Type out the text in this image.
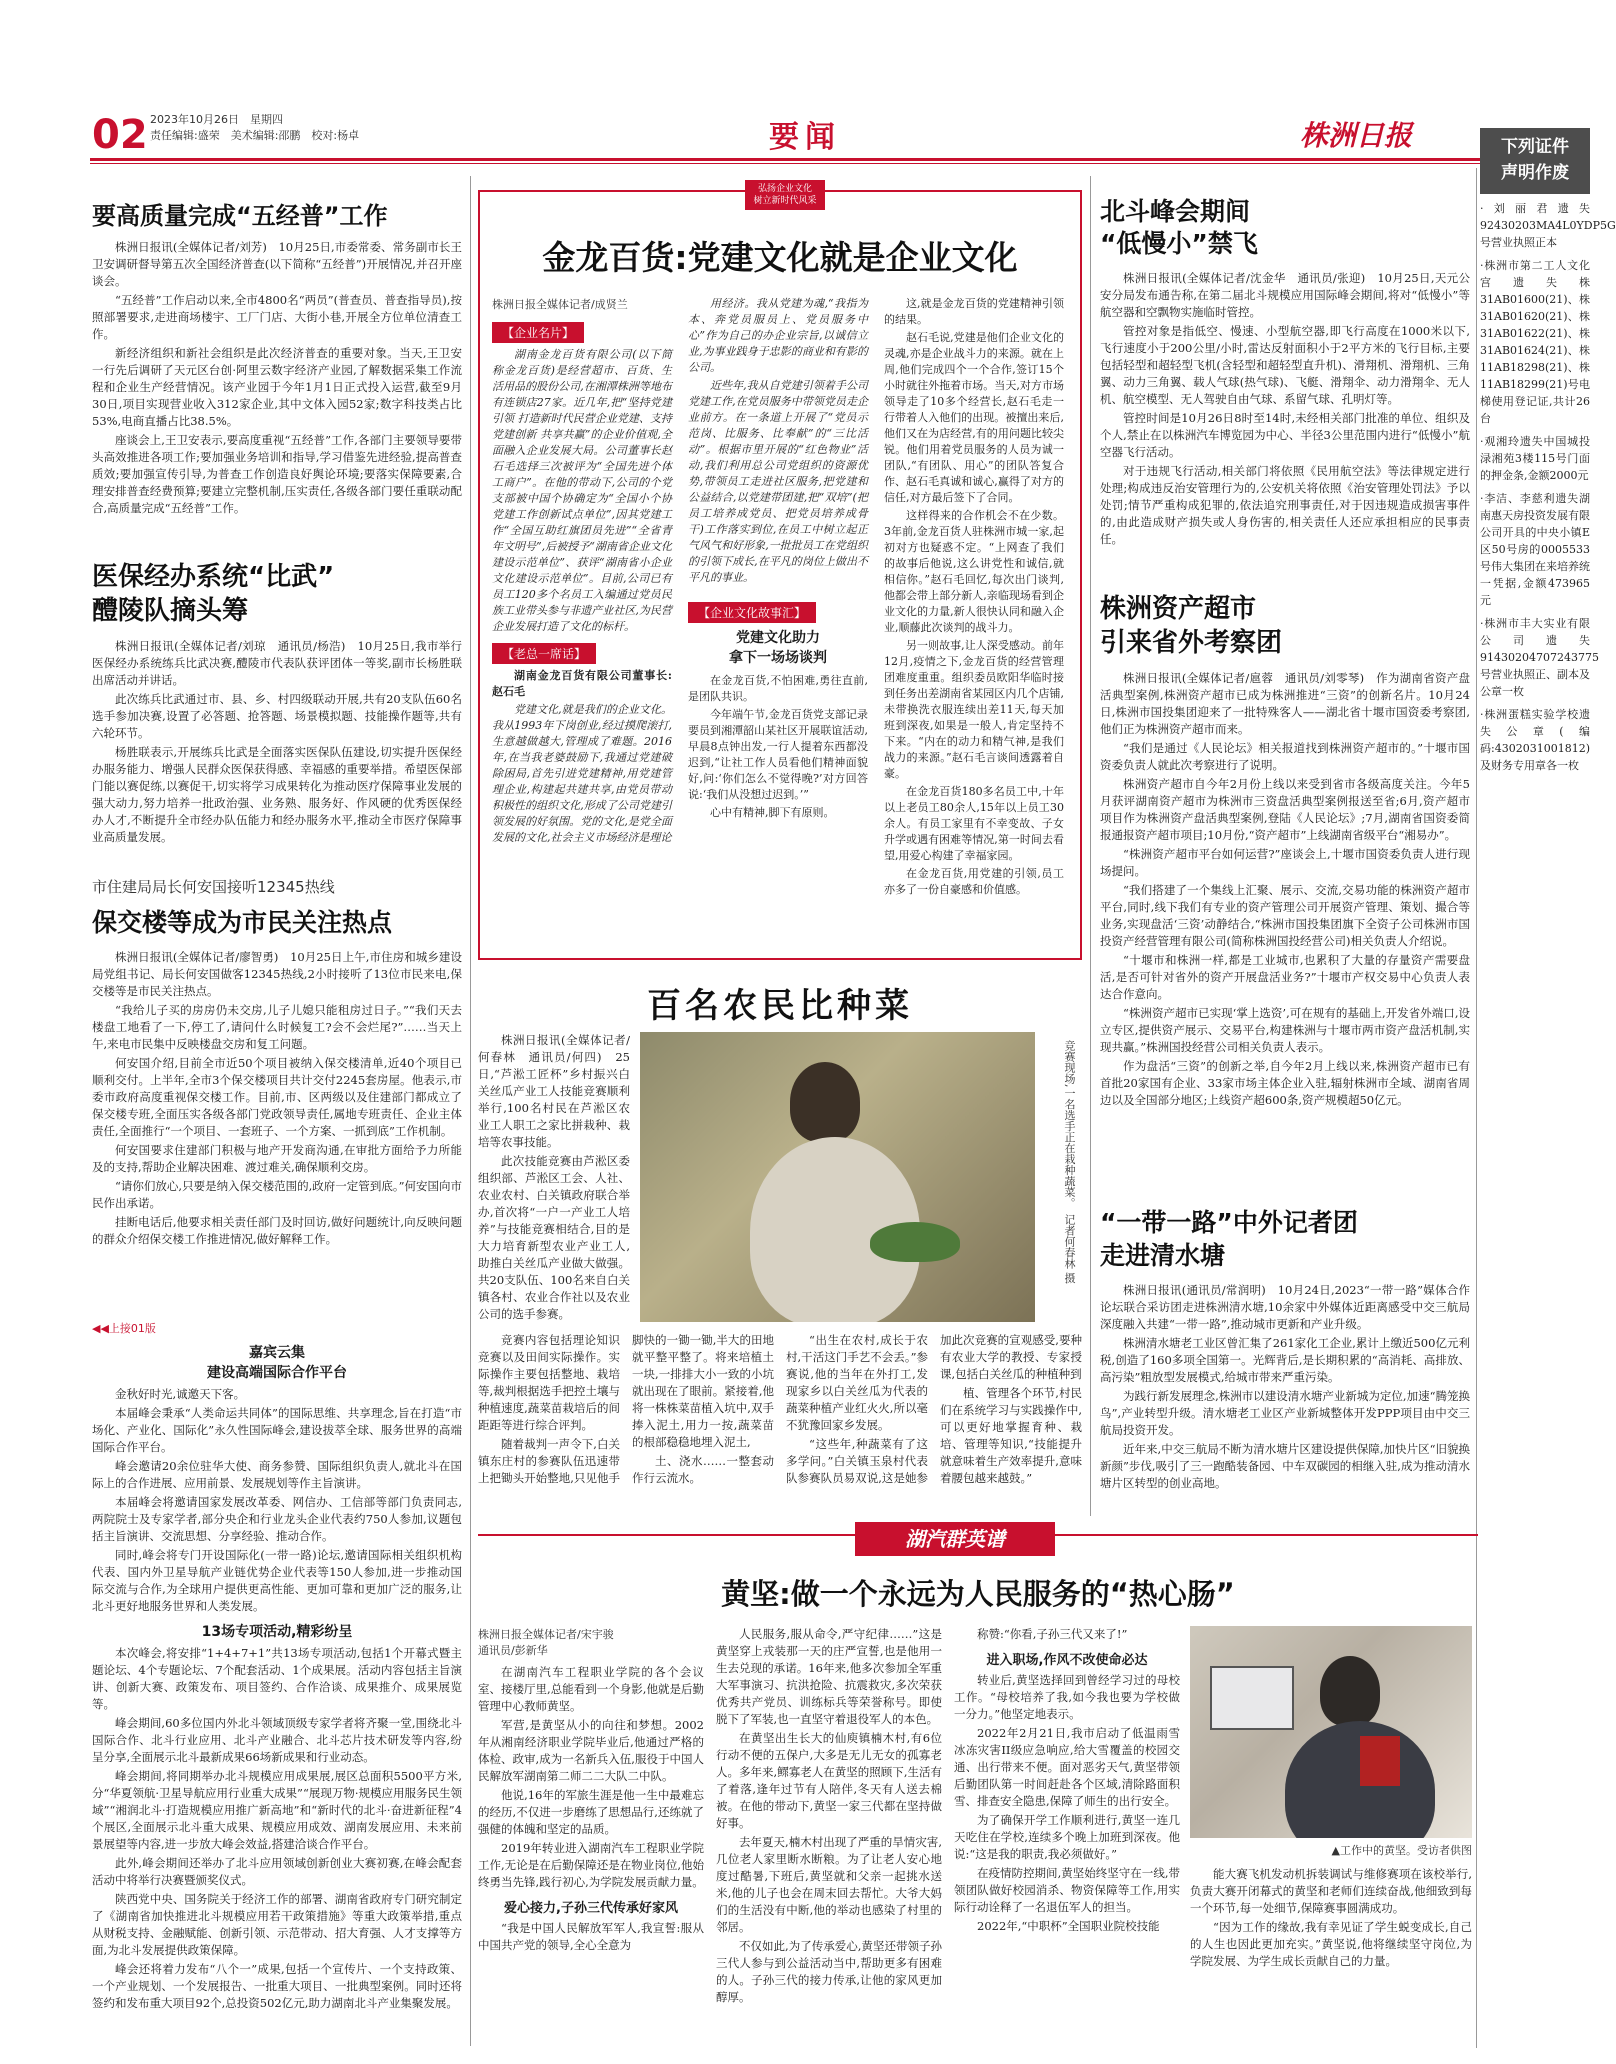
02 2023年10月26日　星期四
责任编辑:盛荣　美术编辑:邵鹏　校对:杨卓	要闻	株洲日报	下列证件
声明作废

·刘丽君遗失92430203MA4L0YDP5G号营业执照正本

·株洲市第二工人文化宫遗失株31AB01600(21)、株31AB01620(21)、株31AB01622(21)、株31AB01624(21)、株11AB18298(21)、株11AB18299(21)号电梯使用登记证,共计26台

·观湘玲遗失中国城投渌湘苑3楼115号门面的押金条,金额2000元

·李洁、李慈利遗失湖南惠天房投资发展有限公司开具的中央小镇E区50号房的0005533号伟大集团在来培养统一凭据,金额473965元

·株洲市丰大实业有限公司遗失91430204707243775号营业执照正、副本及公章一枚

·株洲蛋糕实验学校遗失公章(编码:4302031001812)及财务专用章各一枚

要高质量完成“五经普”工作

株洲日报讯(全媒体记者/刘芳)　10月25日,市委常委、常务副市长王卫安调研督导第五次全国经济普查(以下简称“五经普”)开展情况,并召开座谈会。

“五经普”工作启动以来,全市4800名“两员”(普查员、普查指导员),按照部署要求,走进商场楼宇、工厂门店、大街小巷,开展全方位单位清查工作。

新经济组织和新社会组织是此次经济普查的重要对象。当天,王卫安一行先后调研了天元区台创·阿里云数字经济产业园,了解数据采集工作流程和企业生产经营情况。该产业园于今年1月1日正式投入运营,截至9月30日,项目实现营业收入312家企业,其中文体入园52家;数字科技类占比53%,电商直播占比38.5%。

座谈会上,王卫安表示,要高度重视“五经普”工作,各部门主要领导要带头高效推进各项工作;要加强业务培训和指导,学习借鉴先进经验,提高普查质效;要加强宣传引导,为普查工作创造良好舆论环境;要落实保障要素,合理安排普查经费预算;要建立完整机制,压实责任,各级各部门要任重联动配合,高质量完成“五经普”工作。

医保经办系统“比武”
醴陵队摘头筹

株洲日报讯(全媒体记者/刘琼　通讯员/杨浩)　10月25日,我市举行医保经办系统练兵比武决赛,醴陵市代表队获评团体一等奖,副市长杨胜联出席活动并讲话。

此次练兵比武通过市、县、乡、村四级联动开展,共有20支队伍60名选手参加决赛,设置了必答题、抢答题、场景模拟题、技能操作题等,共有六轮环节。

杨胜联表示,开展练兵比武是全面落实医保队伍建设,切实提升医保经办服务能力、增强人民群众医保获得感、幸福感的重要举措。希望医保部门能以赛促练,以赛促干,切实将学习成果转化为推动医疗保障事业发展的强大动力,努力培养一批政治强、业务熟、服务好、作风硬的优秀医保经办人才,不断提升全市经办队伍能力和经办服务水平,推动全市医疗保障事业高质量发展。

市住建局局长何安国接听12345热线
保交楼等成为市民关注热点

株洲日报讯(全媒体记者/廖智勇)　10月25日上午,市住房和城乡建设局党组书记、局长何安国做客12345热线,2小时接听了13位市民来电,保交楼等是市民关注热点。

“我给儿子买的房房仍未交房,儿子儿媳只能租房过日子。”“我们天去楼盘工地看了一下,停工了,请问什么时候复工?会不会烂尾?”……当天上午,来电市民集中反映楼盘交房和复工问题。

何安国介绍,目前全市近50个项目被纳入保交楼清单,近40个项目已顺利交付。上半年,全市3个保交楼项目共计交付2245套房屋。他表示,市委市政府高度重视保交楼工作。目前,市、区两级以及住建部门都成立了保交楼专班,全面压实各级各部门党政领导责任,属地专班责任、企业主体责任,全面推行“一个项目、一套班子、一个方案、一抓到底”工作机制。

何安国要求住建部门积极与地产开发商沟通,在审批方面给予力所能及的支持,帮助企业解决困难、渡过难关,确保顺利交房。

“请你们放心,只要是纳入保交楼范围的,政府一定管到底。”何安国向市民作出承诺。

挂断电话后,他要求相关责任部门及时回访,做好问题统计,向反映问题的群众介绍保交楼工作推进情况,做好解释工作。

◀◀上接01版
嘉宾云集
建设高端国际合作平台

金秋好时光,诚邀天下客。

本届峰会秉承“人类命运共同体”的国际思维、共享理念,旨在打造“市场化、产业化、国际化”永久性国际峰会,建设拔萃全球、服务世界的高端国际合作平台。

峰会邀请20余位驻华大使、商务参赞、国际组织负责人,就北斗在国际上的合作进展、应用前景、发展规划等作主旨演讲。

本届峰会将邀请国家发展改革委、网信办、工信部等部门负责同志,两院院士及专家学者,部分央企和行业龙头企业代表约750人参加,议题包括主旨演讲、交流思想、分享经验、推动合作。

同时,峰会将专门开设国际化(一带一路)论坛,邀请国际相关组织机构代表、国内外卫星导航产业链优势企业代表等150人参加,进一步推动国际交流与合作,为全球用户提供更高性能、更加可靠和更加广泛的服务,让北斗更好地服务世界和人类发展。

13场专项活动,精彩纷呈

本次峰会,将安排“1+4+7+1”共13场专项活动,包括1个开幕式暨主题论坛、4个专题论坛、7个配套活动、1个成果展。活动内容包括主旨演讲、创新大赛、政策发布、项目签约、合作洽谈、成果推介、成果展览等。

峰会期间,60多位国内外北斗领域顶级专家学者将齐聚一堂,围绕北斗国际合作、北斗行业应用、北斗产业融合、北斗芯片技术研发等内容,纷呈分享,全面展示北斗最新成果66场新成果和行业动态。

峰会期间,将同期举办北斗规模应用成果展,展区总面积5500平方米,分“华夏领航·卫星导航应用行业重大成果”“展现万物·规模应用服务民生领域”“湘润北斗·打造规模应用推广新高地”和“新时代的北斗·奋进新征程”4个展区,全面展示北斗重大成果、规模应用成效、湖南发展应用、未来前景展望等内容,进一步放大峰会效益,搭建洽谈合作平台。

此外,峰会期间还举办了北斗应用领域创新创业大赛初赛,在峰会配套活动中将举行决赛暨颁奖仪式。

陕西党中央、国务院关于经济工作的部署、湖南省政府专门研究制定了《湖南省加快推进北斗规模应用若干政策措施》等重大政策举措,重点从财税支持、金融赋能、创新引领、示范带动、招大育强、人才支撑等方面,为北斗发展提供政策保障。

峰会还将着力发布“八个一”成果,包括一个宣传片、一个支持政策、一个产业规划、一个发展报告、一批重大项目、一批典型案例。同时还将签约和发布重大项目92个,总投资502亿元,助力湖南北斗产业集聚发展。

弘扬企业文化
树立新时代风采
金龙百货:党建文化就是企业文化
株洲日报全媒体记者/成贤兰
【企业名片】

湖南金龙百货有限公司(以下简称金龙百货)是经营超市、百货、生活用品的股份公司,在湘潭株洲等地布有连锁店27家。近几年,把“坚持党建引领 打造新时代民营企业党建、支持党建创新 共享共赢”的企业价值观,全面融入企业发展大局。公司董事长赵石毛选择三次被评为“全国先进个体工商户”。在他的带动下,公司的个党支部被中国个协确定为“全国小个协党建工作创新试点单位”,因其党建工作“全国互助红旗团员先进”“全省青年文明号”,后被授予“湖南省企业文化建设示范单位”、获评“湖南省小企业文化建设示范单位”。目前,公司已有员工120多个名员工入编通过党员民族工业带头参与非遗产业社区,为民营企业发展打造了文化的标杆。

【老总一席话】

湖南金龙百货有限公司董事长:赵石毛

党建文化,就是我们的企业文化。我从1993年下岗创业,经过摸爬滚打,生意越做越大,管理成了难题。2016年,在当我老婆鼓励下,我通过党建破除困局,首先引进党建精神,用党建管理企业,构建起共建共享,由党员带动积极性的组织文化,形成了公司党建引领发展的好氛围。党的文化,是党全面发展的文化,社会主义市场经济是理论

用经济。我从党建为魂,“我指为本、奔党员服员上、党员服务中心”作为自己的办企业宗旨,以诚信立业,为事业践身于忠影的商业和有影的公司。

近些年,我从自党建引领着手公司党建工作,在党员服务中带领党员走企业前方。在一条道上开展了“党员示范岗、比服务、比奉献”的“三比活动”。根据市里开展的“红色物业”活动,我们利用总公司党组织的资源优势,带领员工走进社区服务,把党建和公益结合,以党建带团建,把“双培”(把员工培养成党员、把党员培养成骨干)工作落实到位,在员工中树立起正气风气和好形象,一批批员工在党组织的引领下成长,在平凡的岗位上做出不平凡的事业。

【企业文化故事汇】
党建文化助力
拿下一场场谈判

在金龙百货,不怕困难,勇往直前,是团队共识。

今年端午节,金龙百货党支部记录要员到湘潭韶山某社区开展联谊活动,早晨8点钟出发,一行人提着东西都没迟到,“让社工作人员看他们精神面貌好,问:‘你们怎么不觉得晚?’对方回答说:‘我们从没想过迟到。’”

心中有精神,脚下有原则。

这,就是金龙百货的党建精神引领的结果。

赵石毛说,党建是他们企业文化的灵魂,亦是企业战斗力的来源。就在上周,他们完成四个一个合作,签订15个小时就往外拖着市场。当天,对方市场领导走了10多个经营长,赵石毛走一行带着人入他们的出现。被擅出来后,他们又在为店经营,有的用问题比较尖锐。他们用着党员服务的人员为诚一团队,“有团队、用心”的团队答复合作、赵石毛真诚和诚心,赢得了对方的信任,对方最后签下了合同。

这样得来的合作机会不在少数。3年前,金龙百货人驻株洲市城一家,起初对方也疑惑不定。“上网查了我们的故事后他说,这么讲党性和诚信,就相信你。”赵石毛回忆,每次出门谈判,他都会带上部分新人,亲临现场看到企业文化的力量,新人很快认同和融入企业,顺藤此次谈判的战斗力。

另一则故事,让人深受感动。前年12月,疫情之下,金龙百货的经营管理团难度重重。组织委员欧阳华临时接到任务出差湖南省某园区内几个店铺,未带换洗衣服连续出差11天,每天加班到深夜,如果是一般人,肯定坚持不下来。“内在的动力和精气神,是我们战力的来源。”赵石毛言谈间透露着自豪。

在金龙百货180多名员工中,十年以上老员工80余人,15年以上员工30余人。有员工家里有不幸变故、子女升学或遇有困难等情况,第一时间去看望,用爱心构建了幸福家园。

在金龙百货,用党建的引领,员工亦多了一份自豪感和价值感。

百名农民比种菜
竞赛现场,一名选手正在栽种蔬菜。　记者何春林 摄

株洲日报讯(全媒体记者/何春林　通讯员/何四)　25日,“芦淞工匠杯”乡村振兴白关丝瓜产业工人技能竞赛顺利举行,100名村民在芦淞区农业工人职工之家比拼栽种、栽培等农事技能。

此次技能竞赛由芦淞区委组织部、芦淞区工会、人社、农业农村、白关镇政府联合举办,首次将“一户一产业工人培养”与技能竞赛相结合,目的是大力培育新型农业产业工人,助推白关丝瓜产业做大做强。共20支队伍、100名来自白关镇各村、农业合作社以及农业公司的选手参赛。

竞赛内容包括理论知识竞赛以及田间实际操作。实际操作主要包括整地、栽培等,裁判根据选手把控土壤与种植速度,蔬菜苗栽培后的间距距等进行综合评判。

随着裁判一声令下,白关镇东庄村的参赛队伍迅速带上把锄头开始整地,只见他手脚快的一锄一锄,半大的田地就平整平整了。将来培植土一块,一排排大小一致的小坑就出现在了眼前。紧接着,他将一株株菜苗植入坑中,双手捧入泥土,用力一按,蔬菜苗的根部稳稳地埋入泥土,

土、浇水……一整套动作行云流水。

“出生在农村,成长于农村,干活这门手艺不会丢。”参赛说,他的当年在外打工,发现家乡以白关丝瓜为代表的蔬菜种植产业红火火,所以毫不犹豫回家乡发展。

“这些年,种蔬菜有了这多学问。”白关镇玉泉村代表队参赛队员易双说,这是她参加此次竞赛的宣观感受,要种有农业大学的教授、专家授课,包括白关丝瓜的种植种到

植、管理各个环节,村民们在系统学习与实践操作中,可以更好地掌握育种、栽培、管理等知识,“技能提升就意味着生产效率提升,意味着腰包越来越鼓。”

北斗峰会期间
“低慢小”禁飞

株洲日报讯(全媒体记者/沈金华　通讯员/张迎)　10月25日,天元公安分局发布通告称,在第二届北斗规模应用国际峰会期间,将对“低慢小”等航空器和空飘物实施临时管控。

管控对象是指低空、慢速、小型航空器,即飞行高度在1000米以下,飞行速度小于200公里/小时,雷达反射面积小于2平方米的飞行目标,主要包括轻型和超轻型飞机(含轻型和超轻型直升机)、滑翔机、滑翔机、三角翼、动力三角翼、载人气球(热气球)、飞艇、滑翔伞、动力滑翔伞、无人机、航空模型、无人驾驶自由气球、系留气球、孔明灯等。

管控时间是10月26日8时至14时,未经相关部门批准的单位、组织及个人,禁止在以株洲汽车博览园为中心、半径3公里范围内进行“低慢小”航空器飞行活动。

对于违规飞行活动,相关部门将依照《民用航空法》等法律规定进行处理;构成违反治安管理行为的,公安机关将依照《治安管理处罚法》予以处罚;情节严重构成犯罪的,依法追究刑事责任,对于因违规造成损害事件的,由此造成财产损失或人身伤害的,相关责任人还应承担相应的民事责任。

株洲资产超市
引来省外考察团

株洲日报讯(全媒体记者/扈蓉　通讯员/刘零琴)　作为湖南省资产盘活典型案例,株洲资产超市已成为株洲推进“三资”的创新名片。10月24日,株洲市国投集团迎来了一批特殊客人——湖北省十堰市国资委考察团,他们正为株洲资产超市而来。

“我们是通过《人民论坛》相关报道找到株洲资产超市的。”十堰市国资委负责人就此次考察进行了说明。

株洲资产超市自今年2月份上线以来受到省市各级高度关注。今年5月获评湖南资产超市为株洲市三资盘活典型案例报送至省;6月,资产超市项目作为株洲资产盘活典型案例,登陆《人民论坛》;7月,湖南省国资委简报通报资产超市项目;10月份,“资产超市”上线湖南省级平台“湘易办”。

“株洲资产超市平台如何运营?”座谈会上,十堰市国资委负责人进行现场提问。

“我们搭建了一个集线上汇聚、展示、交流,交易功能的株洲资产超市平台,同时,线下我们有专业的资产管理公司开展资产管理、策划、撮合等业务,实现盘活‘三资’动静结合,“株洲市国投集团旗下全资子公司株洲市国投资产经营管理有限公司(简称株洲国投经营公司)相关负责人介绍说。

“十堰市和株洲一样,都是工业城市,也累积了大量的存量资产需要盘活,是否可针对省外的资产开展盘活业务?”十堰市产权交易中心负责人表达合作意向。

“株洲资产超市已实现‘掌上选资’,可在规有的基础上,开发省外端口,设立专区,提供资产展示、交易平台,构建株洲与十堰市两市资产盘活机制,实现共赢。”株洲国投经营公司相关负责人表示。

作为盘活“三资”的创新之举,自今年2月上线以来,株洲资产超市已有首批20家国有企业、33家市场主体企业入驻,辐射株洲市全域、湖南省周边以及全国部分地区;上线资产超600条,资产规模超50亿元。

“一带一路”中外记者团
走进清水塘

株洲日报讯(通讯员/常润明)　10月24日,2023“一带一路”媒体合作论坛联合采访团走进株洲清水塘,10余家中外媒体近距离感受中交三航局深度融入共建“一带一路”,推动城市更新和产业升级。

株洲清水塘老工业区曾汇集了261家化工企业,累计上缴近500亿元利税,创造了160多项全国第一。光辉背后,是长期积累的“高消耗、高排放、高污染”粗放型发展模式,给城市带来严重污染。

为践行新发展理念,株洲市以建设清水塘产业新城为定位,加速“腾笼换鸟”,产业转型升级。清水塘老工业区产业新城整体开发PPP项目由中交三航局投资开发。

近年来,中交三航局不断为清水塘片区建设提供保障,加快片区“旧貌换新颜”步伐,吸引了三一跑酷装备园、中车双碳园的相继入驻,成为推动清水塘片区转型的创业高地。

湖汽群英谱
黄坚:做一个永远为人民服务的“热心肠”
株洲日报全媒体记者/宋宇骏
通讯员/彭新华

在湖南汽车工程职业学院的各个会议室、接楼厅里,总能看到一个身影,他就是后勤管理中心教师黄坚。

军营,是黄坚从小的向往和梦想。2002年从湘南经济职业学院毕业后,他通过严格的体检、政审,成为一名新兵入伍,服役于中国人民解放军湖南第二师二二大队二中队。

他说,16年的军旅生涯是他一生中最难忘的经历,不仅进一步磨练了思想品行,还练就了强健的体魄和坚定的品质。

2019年转业进入湖南汽车工程职业学院工作,无论是在后勤保障还是在物业岗位,他始终勇当先锋,践行初心,为学院发展贡献力量。

爱心接力,子孙三代传承好家风

“我是中国人民解放军军人,我宣誓:服从中国共产党的领导,全心全意为

人民服务,服从命令,严守纪律……”这是黄坚穿上戎装那一天的庄严宣誓,也是他用一生去兑现的承诺。16年来,他多次参加全军重大军事演习、抗洪抢险、抗震救灾,多次荣获优秀共产党员、训练标兵等荣誉称号。即使脱下了军装,也一直坚守着退役军人的本色。

在黄坚出生长大的仙庾镇楠木村,有6位行动不便的五保户,大多是无儿无女的孤寡老人。多年来,鳏寡老人在黄坚的照顾下,生活有了着落,逢年过节有人陪伴,冬天有人送去棉被。在他的带动下,黄坚一家三代都在坚持做好事。

去年夏天,楠木村出现了严重的旱情灾害,几位老人家里断水断粮。为了让老人安心地度过酷暑,下班后,黄坚就和父亲一起挑水送米,他的儿子也会在周末回去帮忙。大爷大妈们的生活没有中断,他的举动也感染了村里的邻居。

不仅如此,为了传承爱心,黄坚还带领子孙三代人参与到公益活动当中,帮助更多有困难的人。子孙三代的接力传承,让他的家风更加醇厚。

称赞:“你看,子孙三代又来了!”

进入职场,作风不改使命必达

转业后,黄坚选择回到曾经学习过的母校工作。“母校培养了我,如今我也要为学校做一分力。”他坚定地表示。

2022年2月21日,我市启动了低温雨雪冰冻灾害II级应急响应,给大雪覆盖的校园交通、出行带来不便。面对恶劣天气,黄坚带领后勤团队第一时间赶赴各个区域,清除路面积雪、排查安全隐患,保障了师生的出行安全。

为了确保开学工作顺利进行,黄坚一连几天吃住在学校,连续多个晚上加班到深夜。他说:“这是我的职责,我必须做好。”

在疫情防控期间,黄坚始终坚守在一线,带领团队做好校园消杀、物资保障等工作,用实际行动诠释了一名退伍军人的担当。

2022年,“中职杯”全国职业院校技能

▲工作中的黄坚。受访者供图

能大赛飞机发动机拆装调试与维修赛项在该校举行,负责大赛开闭幕式的黄坚和老师们连续奋战,他细致到每一个环节,每一处细节,保障赛事圆满成功。

“因为工作的缘故,我有幸见证了学生蜕变成长,自己的人生也因此更加充实。”黄坚说,他将继续坚守岗位,为学院发展、为学生成长贡献自己的力量。
